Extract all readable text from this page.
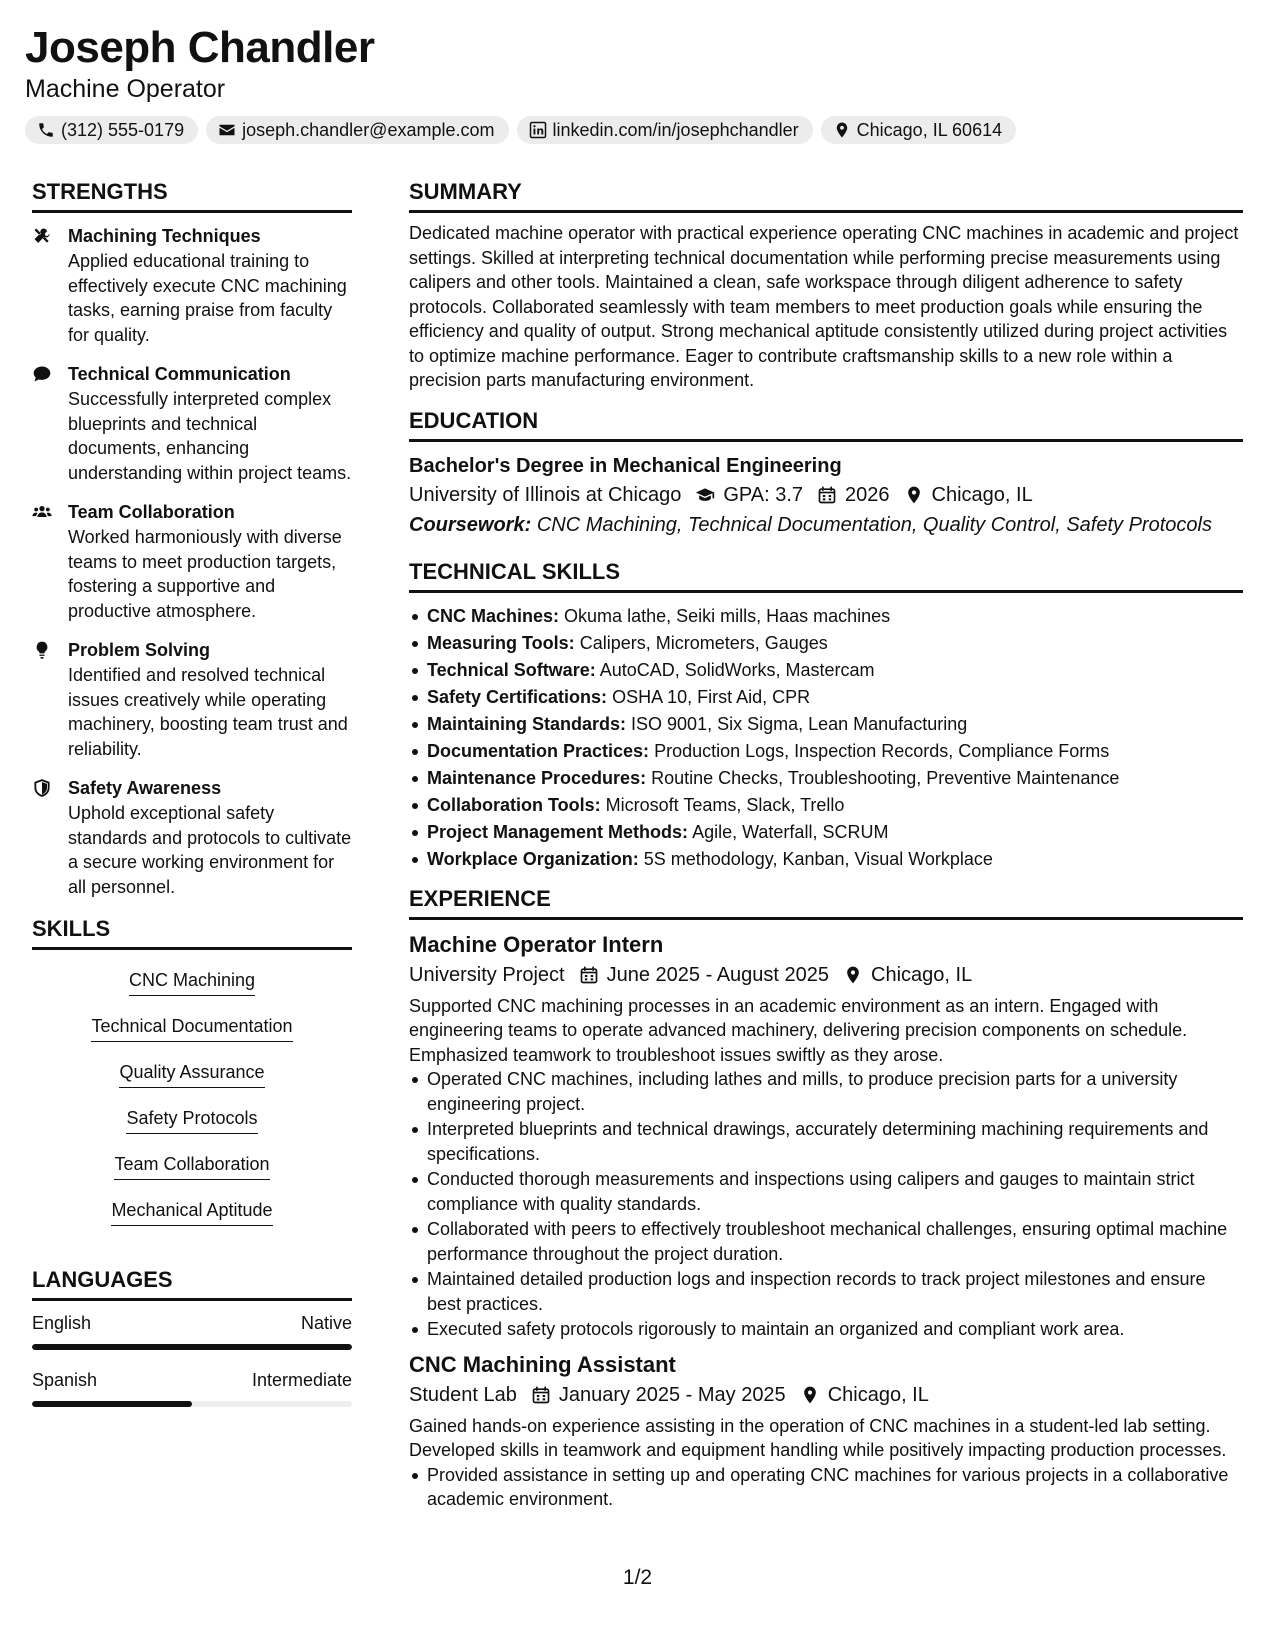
Joseph Chandler
Machine Operator
(312) 555-0179	joseph.chandler@example.com	linkedin.com/in/josephchandler	Chicago, IL 60614
STRENGTHS
Machining Techniques
Applied educational training to effectively execute CNC machining tasks, earning praise from faculty for quality.
Technical Communication
Successfully interpreted complex blueprints and technical documents, enhancing understanding within project teams.
Team Collaboration
Worked harmoniously with diverse teams to meet production targets, fostering a supportive and productive atmosphere.
Problem Solving
Identified and resolved technical issues creatively while operating machinery, boosting team trust and reliability.
Safety Awareness
Uphold exceptional safety standards and protocols to cultivate a secure working environment for all personnel.
SKILLS
CNC Machining
Technical Documentation
Quality Assurance
Safety Protocols
Team Collaboration
Mechanical Aptitude
LANGUAGES
English	Native
Spanish	Intermediate
SUMMARY
Dedicated machine operator with practical experience operating CNC machines in academic and project settings. Skilled at interpreting technical documentation while performing precise measurements using calipers and other tools. Maintained a clean, safe workspace through diligent adherence to safety protocols. Collaborated seamlessly with team members to meet production goals while ensuring the efficiency and quality of output. Strong mechanical aptitude consistently utilized during project activities to optimize machine performance. Eager to contribute craftsmanship skills to a new role within a precision parts manufacturing environment.
EDUCATION
Bachelor's Degree in Mechanical Engineering
University of Illinois at Chicago GPA: 3.7 2026 Chicago, IL
Coursework: CNC Machining, Technical Documentation, Quality Control, Safety Protocols
TECHNICAL SKILLS
CNC Machines: Okuma lathe, Seiki mills, Haas machines
Measuring Tools: Calipers, Micrometers, Gauges
Technical Software: AutoCAD, SolidWorks, Mastercam
Safety Certifications: OSHA 10, First Aid, CPR
Maintaining Standards: ISO 9001, Six Sigma, Lean Manufacturing
Documentation Practices: Production Logs, Inspection Records, Compliance Forms
Maintenance Procedures: Routine Checks, Troubleshooting, Preventive Maintenance
Collaboration Tools: Microsoft Teams, Slack, Trello
Project Management Methods: Agile, Waterfall, SCRUM
Workplace Organization: 5S methodology, Kanban, Visual Workplace
EXPERIENCE
Machine Operator Intern
University Project June 2025 - August 2025 Chicago, IL
Supported CNC machining processes in an academic environment as an intern. Engaged with engineering teams to operate advanced machinery, delivering precision components on schedule. Emphasized teamwork to troubleshoot issues swiftly as they arose.
Operated CNC machines, including lathes and mills, to produce precision parts for a university engineering project.
Interpreted blueprints and technical drawings, accurately determining machining requirements and specifications.
Conducted thorough measurements and inspections using calipers and gauges to maintain strict compliance with quality standards.
Collaborated with peers to effectively troubleshoot mechanical challenges, ensuring optimal machine performance throughout the project duration.
Maintained detailed production logs and inspection records to track project milestones and ensure best practices.
Executed safety protocols rigorously to maintain an organized and compliant work area.
CNC Machining Assistant
Student Lab January 2025 - May 2025 Chicago, IL
Gained hands-on experience assisting in the operation of CNC machines in a student-led lab setting. Developed skills in teamwork and equipment handling while positively impacting production processes.
Provided assistance in setting up and operating CNC machines for various projects in a collaborative academic environment.
1/2
